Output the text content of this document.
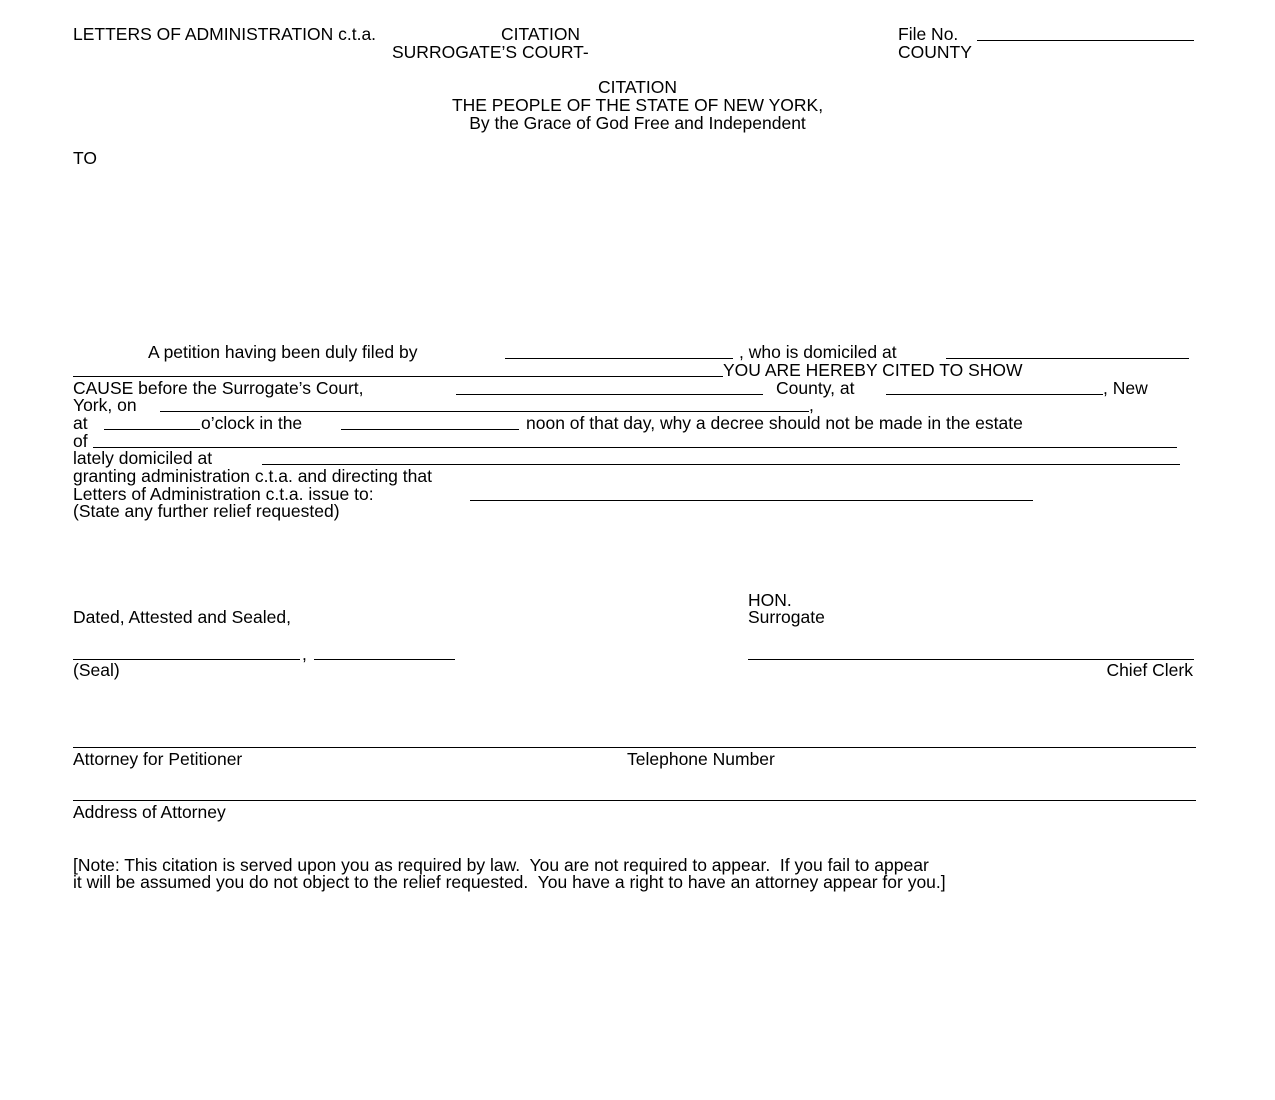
LETTERS OF ADMINISTRATION c.t.a.	CITATION
SURROGATE’S COURT-
File No.
COUNTY
CITATION
THE PEOPLE OF THE STATE OF NEW YORK,
By the Grace of God Free and Independent
TO
A petition having been duly filed by	, who is domiciled at
YOU ARE HEREBY CITED TO SHOW
CAUSE before the Surrogate’s Court,	County, at	, New
York, on	,
at	o’clock in the	noon of that day, why a decree should not be made in the estate
of
lately domiciled at
granting administration c.t.a. and directing that
Letters of Administration c.t.a. issue to:
(State any further relief requested)
HON.
Dated, Attested and Sealed,	Surrogate
,
(Seal)	Chief Clerk
Attorney for Petitioner	Telephone Number
Address of Attorney
[Note: This citation is served upon you as required by law.  You are not required to appear.  If you fail to appear
it will be assumed you do not object to the relief requested.  You have a right to have an attorney appear for you.]
